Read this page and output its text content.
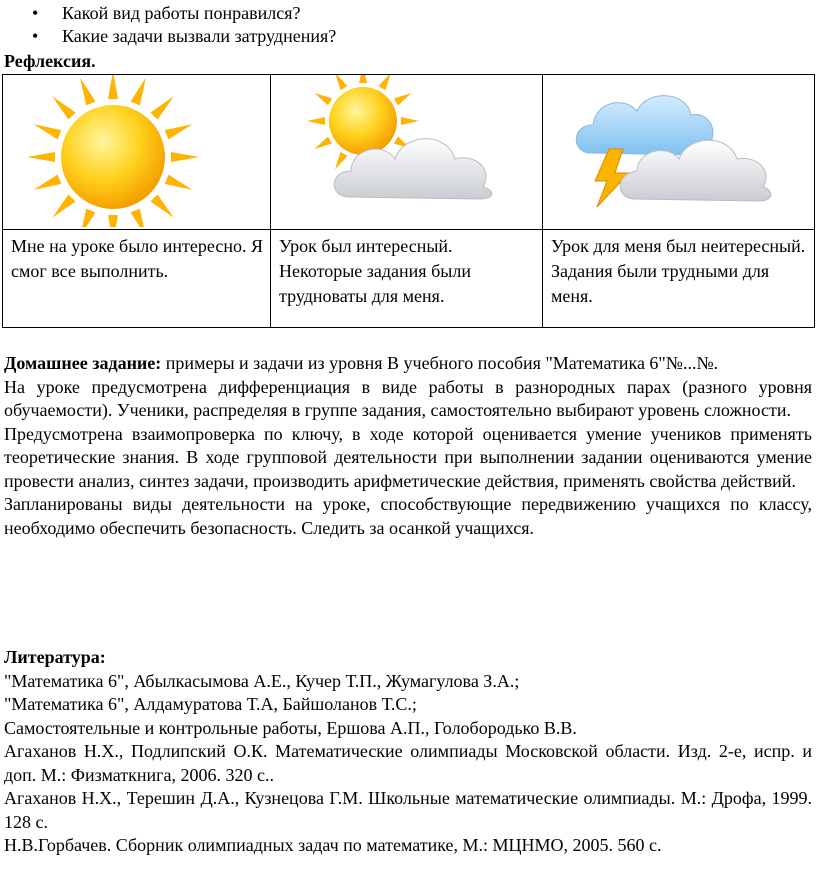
• Какой вид работы понравился?
• Какие задачи вызвали затруднения?
Рефлексия.

Мне на уроке было интересно. Я смог все выполнить.	Урок был интересный. Некоторые задания были трудноваты для меня.	Урок для меня был неитересный. Задания были трудными для меня.

Домашнее задание: примеры и задачи из уровня В учебного пособия "Математика 6"№...№.

На уроке предусмотрена дифференциация в виде работы в разнородных парах (разного уровня обучаемости). Ученики, распределяя в группе задания, самостоятельно выбирают уровень сложности.

Предусмотрена взаимопроверка по ключу, в ходе которой оценивается умение учеников применять теоретические знания. В ходе групповой деятельности при выполнении задании оцениваются умение провести анализ, синтез задачи, производить арифметические действия, применять свойства действий.

Запланированы виды деятельности на уроке, способствующие передвижению учащихся по классу, необходимо обеспечить безопасность. Следить за осанкой учащихся.

Литература:

"Математика 6", Абылкасымова А.Е., Кучер Т.П., Жумагулова З.А.;

"Математика 6", Алдамуратова Т.А, Байшоланов Т.С.;

Самостоятельные и контрольные работы, Ершова А.П., Голобородько В.В.

Агаханов Н.Х., Подлипский О.К. Математические олимпиады Московской области. Изд. 2-е, испр. и доп. М.: Физматкнига, 2006. 320 с..

Агаханов Н.Х., Терешин Д.А., Кузнецова Г.М. Школьные математические олимпиады. М.: Дрофа, 1999. 128 с.

Н.В.Горбачев. Сборник олимпиадных задач по математике, М.: МЦНМО, 2005. 560 с.
